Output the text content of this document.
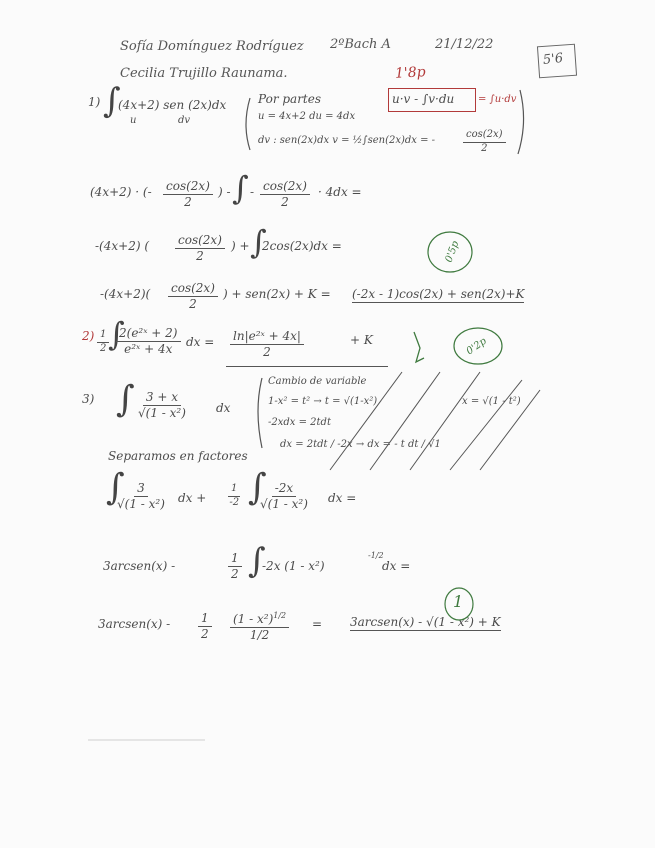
Sofía Domínguez Rodríguez
Cecilia Trujillo Raunama.
2ºBach A	21/12/22
5'6
1'8p
1) ∫
(4x+2) sen (2x)dx
u	dv
Por partes	u·v - ∫v·du = ∫u·dv
u = 4x+2 du = 4dx
dv : sen(2x)dx v = ½∫sen(2x)dx = -	$\frac{\cos(2x)}{2}$
(4x+2) · (- $\frac{\cos(2x)}{2}$ ) - ∫ - $\frac{\cos(2x)}{2} \cdot 4dx$ =
-(4x+2) ( $\frac{\cos(2x)}{2}$ ) + ∫
2cos(2x)dx =	0'5p
$-(4x+2)( \frac{\cos(2x)}{2}$ ) + sen(2x) + K = (-2x - 1)cos(2x) + sen(2x)+K
$2) \frac{1}{2}$
∫
$\frac{\text{2(e²ˣ + 2)}}{\text{e²ˣ + 4x}}$ dx = $\frac{\text{ln|e²ˣ + 4x|}}{2}$	+ K	0'2p
3) ∫ $\frac{3 + x}{\text{√(1 - x²)}}$	dx
Cambio de variable
1-x² = t² → t = √(1-x²)
-2xdx = 2tdt
dx = 2tdt / -2x → dx = - t dt / √1
x = √(1 - t²)
Separamos en factores
∫
$\frac{3}{\text{√(1 - x²)}}$ dx + $\frac{1}{-2}$ ∫
$\frac{-2x}{\text{√(1 - x²)}}$ dx =
3arcsen(x) -	$\frac{1}{2}$ ∫
-2x (1 - x²)
-1/2
dx =
3arcsen(x) - $\frac{1}{2} \frac{(1 - x^2)^{1/2}}{1/2}$ = 3arcsen(x) - √(1 - x²) + K
1
